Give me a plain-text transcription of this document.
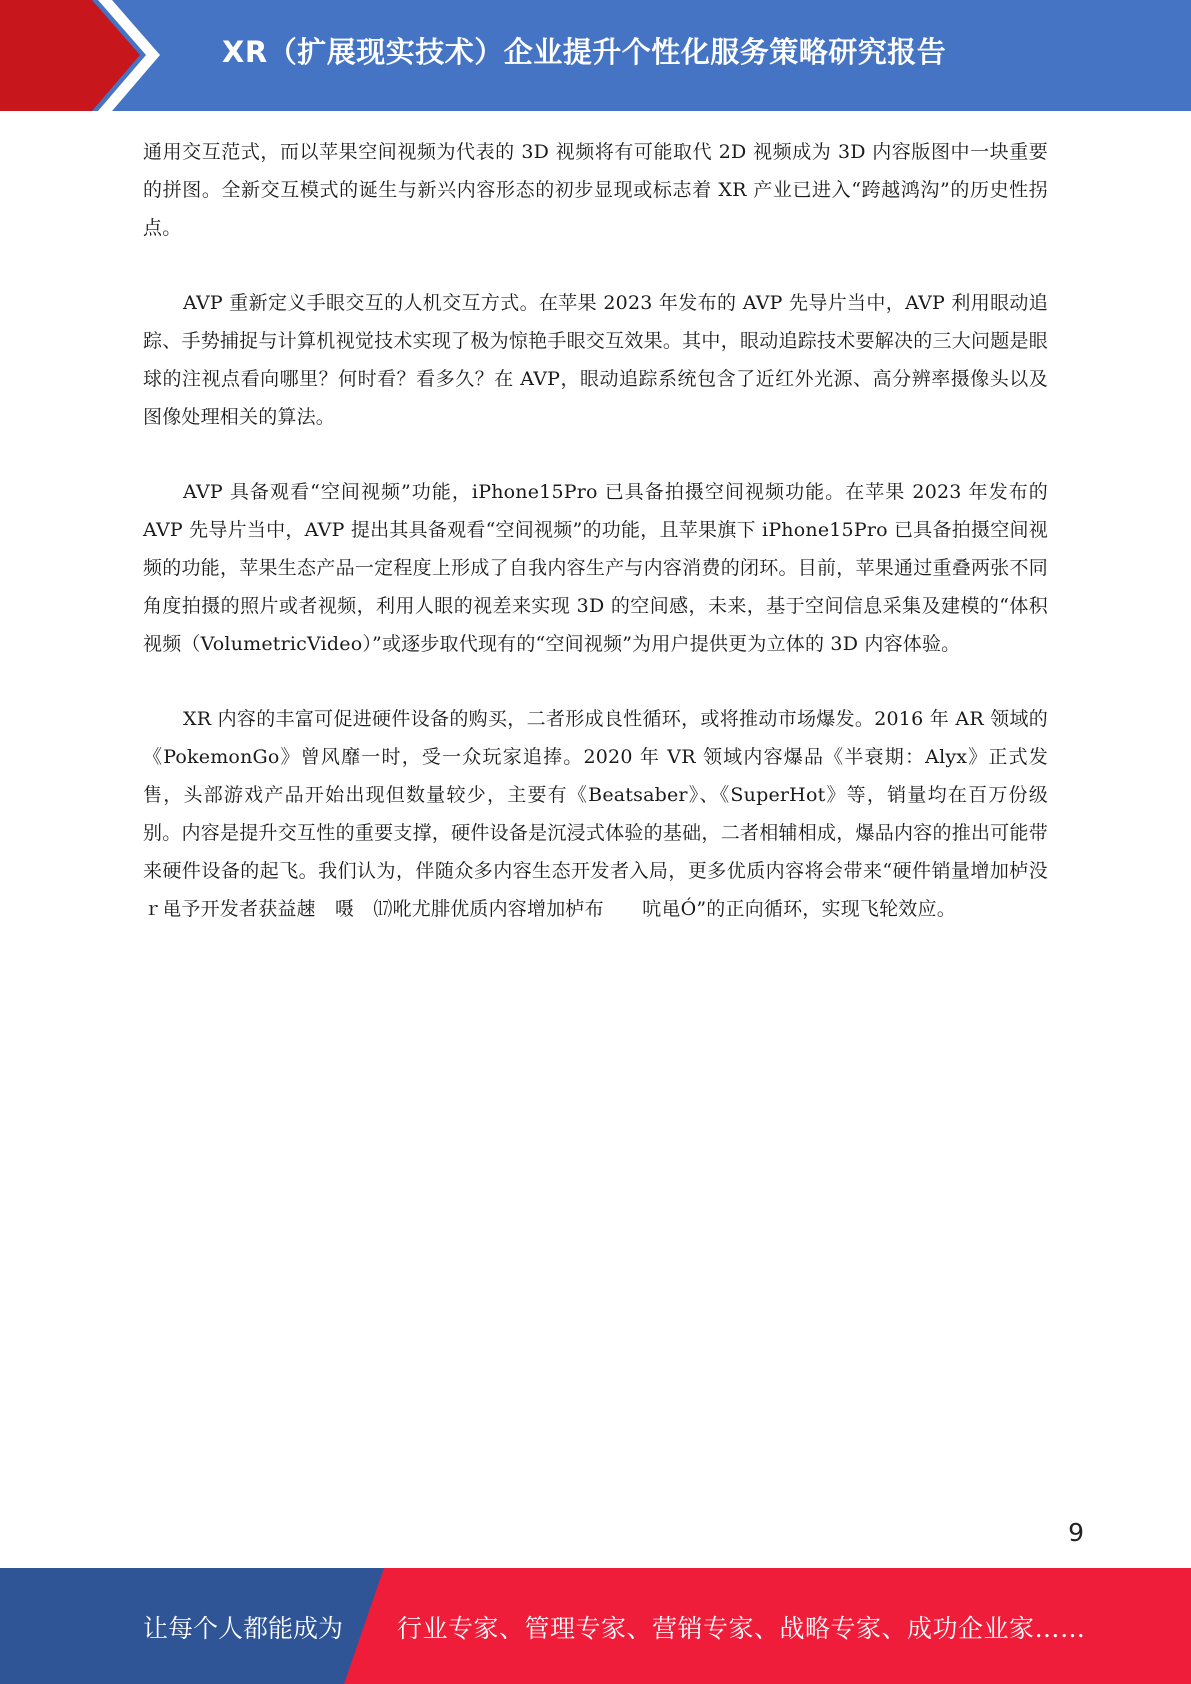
XR（扩展现实技术）企业提升个性化服务策略研究报告

通用交互范式，而以苹果空间视频为代表的 3D 视频将有可能取代 2D 视频成为 3D 内容版图中一块重要的拼图。全新交互模式的诞生与新兴内容形态的初步显现或标志着 XR 产业已进入“跨越鸿沟”的历史性拐点。

AVP 重新定义手眼交互的人机交互方式。在苹果 2023 年发布的 AVP 先导片当中，AVP 利用眼动追踪、手势捕捉与计算机视觉技术实现了极为惊艳手眼交互效果。其中，眼动追踪技术要解决的三大问题是眼球的注视点看向哪里？何时看？看多久？在 AVP，眼动追踪系统包含了近红外光源、高分辨率摄像头以及图像处理相关的算法。

AVP 具备观看“空间视频”功能，iPhone15Pro 已具备拍摄空间视频功能。在苹果 2023 年发布的 AVP 先导片当中，AVP 提出其具备观看“空间视频”的功能，且苹果旗下 iPhone15Pro 已具备拍摄空间视频的功能，苹果生态产品一定程度上形成了自我内容生产与内容消费的闭环。目前，苹果通过重叠两张不同角度拍摄的照片或者视频，利用人眼的视差来实现 3D 的空间感，未来，基于空间信息采集及建模的“体积视频（VolumetricVideo）”或逐步取代现有的“空间视频”为用户提供更为立体的 3D 内容体验。

XR 内容的丰富可促进硬件设备的购买，二者形成良性循环，或将推动市场爆发。2016 年 AR 领域的《PokemonGo》曾风靡一时，受一众玩家追捧。2020 年 VR 领域内容爆品《半衰期：Alyx》正式发售，头部游戏产品开始出现但数量较少，主要有《Beatsaber》、《SuperHot》等，销量均在百万份级别。内容是提升交互性的重要支撑，硬件设备是沉浸式体验的基础，二者相辅相成，爆品内容的推出可能带来硬件设备的起飞。我们认为，伴随众多内容生态开发者入局，更多优质内容将会带来“硬件销量增加栌没ｒ黾予开发者获益趚　嗫　⒄吪尤腓优质内容增加栌布　　吭黾Ó”的正向循环，实现飞轮效应。

9
让每个人都能成为 行业专家、管理专家、营销专家、战略专家、成功企业家……
